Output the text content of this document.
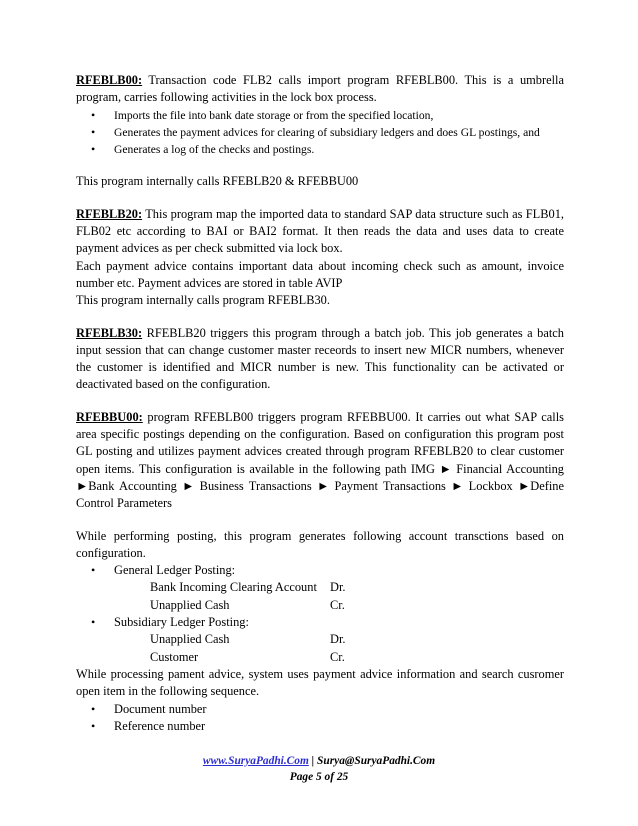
RFEBLB00: Transaction code FLB2 calls import program RFEBLB00. This is a umbrella program, carries following activities in the lock box process.

• Imports the file into bank date storage or from the specified location,
• Generates the payment advices for clearing of subsidiary ledgers and does GL postings, and
• Generates a log of the checks and postings.

This program internally calls RFEBLB20 & RFEBBU00

RFEBLB20: This program map the imported data to standard SAP data structure such as FLB01, FLB02 etc according to BAI or BAI2 format. It then reads the data and uses data to create payment advices as per check submitted via lock box.

Each payment advice contains important data about incoming check such as amount, invoice number etc. Payment advices are stored in table AVIP

This program internally calls program RFEBLB30.

RFEBLB30: RFEBLB20 triggers this program through a batch job. This job generates a batch input session that can change customer master receords to insert new MICR numbers, whenever the customer is identified and MICR number is new. This functionality can be activated or deactivated based on the configuration.

RFEBBU00: program RFEBLB00 triggers program RFEBBU00. It carries out what SAP calls area specific postings depending on the configuration. Based on configuration this program post GL posting and utilizes payment advices created through program RFEBLB20 to clear customer open items. This configuration is available in the following path IMG ► Financial Accounting ►Bank Accounting ► Business Transactions ► Payment Transactions ► Lockbox ►Define Control Parameters

While performing posting, this program generates following account transctions based on configuration.

• General Ledger Posting:
Bank Incoming Clearing Account	Dr.
Unapplied Cash	Cr.
• Subsidiary Ledger Posting:
Unapplied Cash	Dr.
Customer	Cr.

While processing pament advice, system uses payment advice information and search cusromer open item in the following sequence.

• Document number
• Reference number
www.SuryaPadhi.Com | Surya@SuryaPadhi.Com
Page 5 of 25
